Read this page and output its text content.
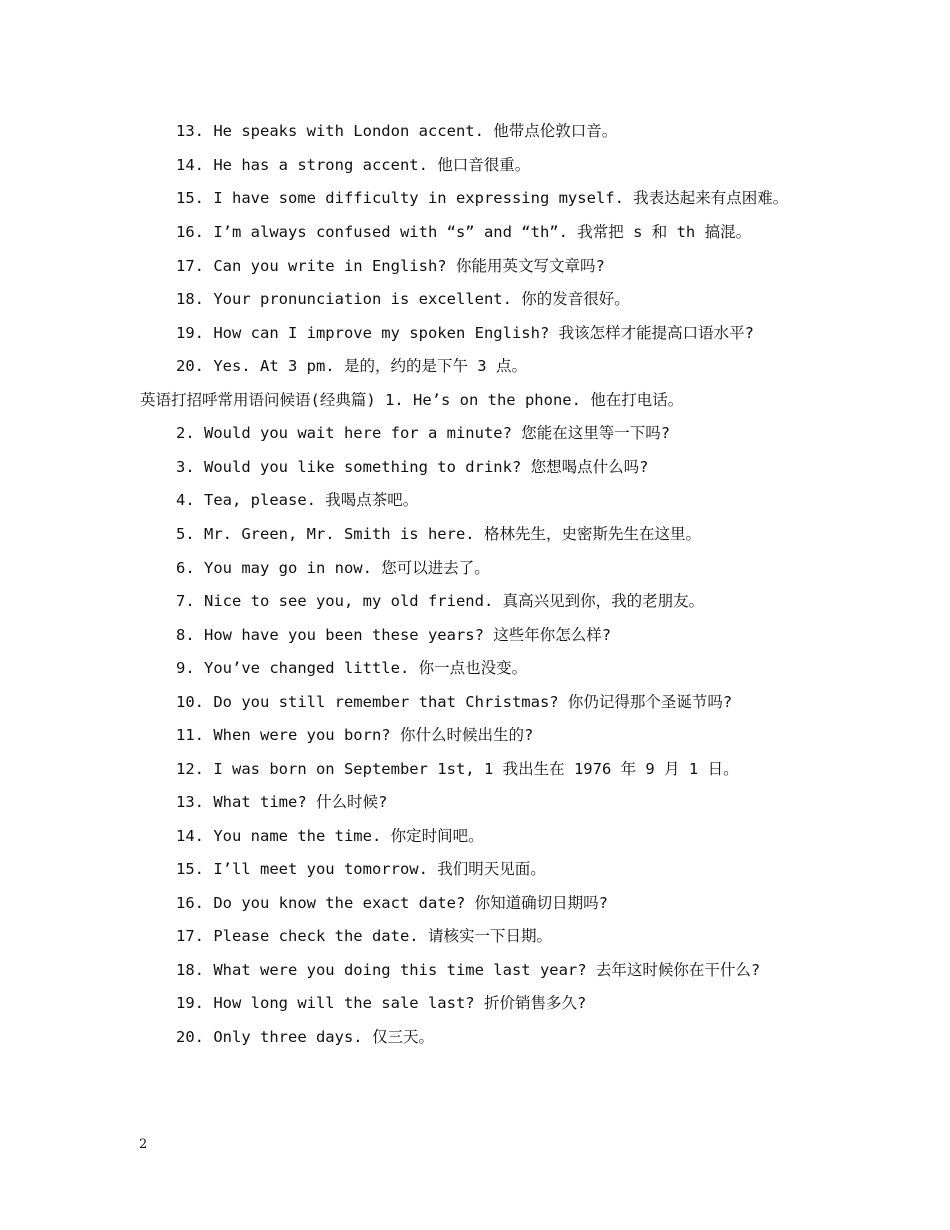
13. He speaks with London accent. 他带点伦敦口音。
14. He has a strong accent. 他口音很重。
15. I have some difficulty in expressing myself. 我表达起来有点困难。
16. I’m always confused with “s” and “th”. 我常把 s 和 th 搞混。
17. Can you write in English? 你能用英文写文章吗?
18. Your pronunciation is excellent. 你的发音很好。
19. How can I improve my spoken English? 我该怎样才能提高口语水平?
20. Yes. At 3 pm. 是的，约的是下午 3 点。
英语打招呼常用语问候语(经典篇) 1. He’s on the phone. 他在打电话。
2. Would you wait here for a minute? 您能在这里等一下吗?
3. Would you like something to drink? 您想喝点什么吗?
4. Tea, please. 我喝点茶吧。
5. Mr. Green, Mr. Smith is here. 格林先生，史密斯先生在这里。
6. You may go in now. 您可以进去了。
7. Nice to see you, my old friend. 真高兴见到你，我的老朋友。
8. How have you been these years? 这些年你怎么样?
9. You’ve changed little. 你一点也没变。
10. Do you still remember that Christmas? 你仍记得那个圣诞节吗?
11. When were you born? 你什么时候出生的?
12. I was born on September 1st, 1 我出生在 1976 年 9 月 1 日。
13. What time? 什么时候?
14. You name the time. 你定时间吧。
15. I’ll meet you tomorrow. 我们明天见面。
16. Do you know the exact date? 你知道确切日期吗?
17. Please check the date. 请核实一下日期。
18. What were you doing this time last year? 去年这时候你在干什么?
19. How long will the sale last? 折价销售多久?
20. Only three days. 仅三天。
2
